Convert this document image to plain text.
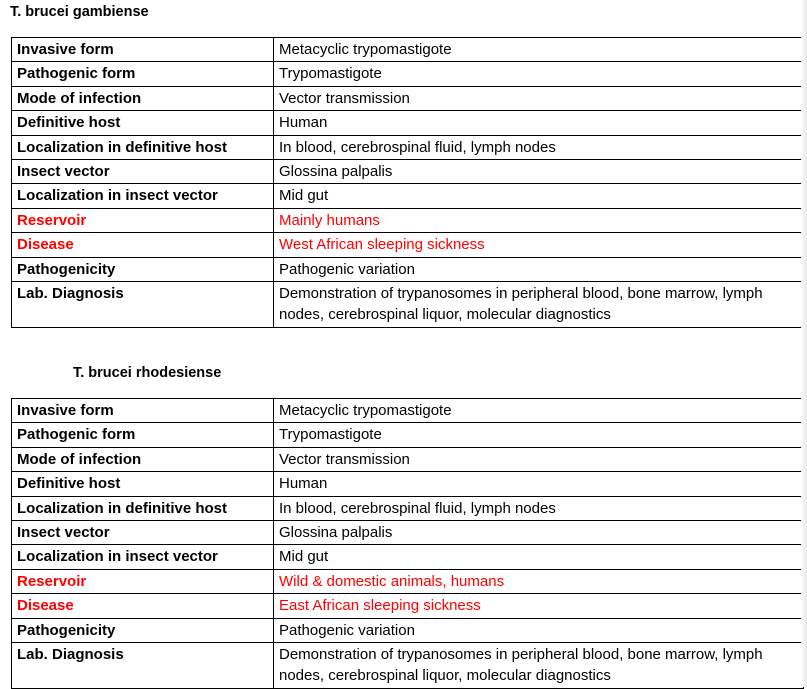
T. brucei gambiense
Invasive form	Metacyclic trypomastigote
Pathogenic form	Trypomastigote
Mode of infection	Vector transmission
Definitive host	Human
Localization in definitive host	In blood, cerebrospinal fluid, lymph nodes
Insect vector	Glossina palpalis
Localization in insect vector	Mid gut
Reservoir	Mainly humans
Disease	West African sleeping sickness
Pathogenicity	Pathogenic variation
Lab. Diagnosis	Demonstration of trypanosomes in peripheral blood, bone marrow, lymph nodes, cerebrospinal liquor, molecular diagnostics
T. brucei rhodesiense
Invasive form	Metacyclic trypomastigote
Pathogenic form	Trypomastigote
Mode of infection	Vector transmission
Definitive host	Human
Localization in definitive host	In blood, cerebrospinal fluid, lymph nodes
Insect vector	Glossina palpalis
Localization in insect vector	Mid gut
Reservoir	Wild & domestic animals, humans
Disease	East African sleeping sickness
Pathogenicity	Pathogenic variation
Lab. Diagnosis	Demonstration of trypanosomes in peripheral blood, bone marrow, lymph nodes, cerebrospinal liquor, molecular diagnostics
